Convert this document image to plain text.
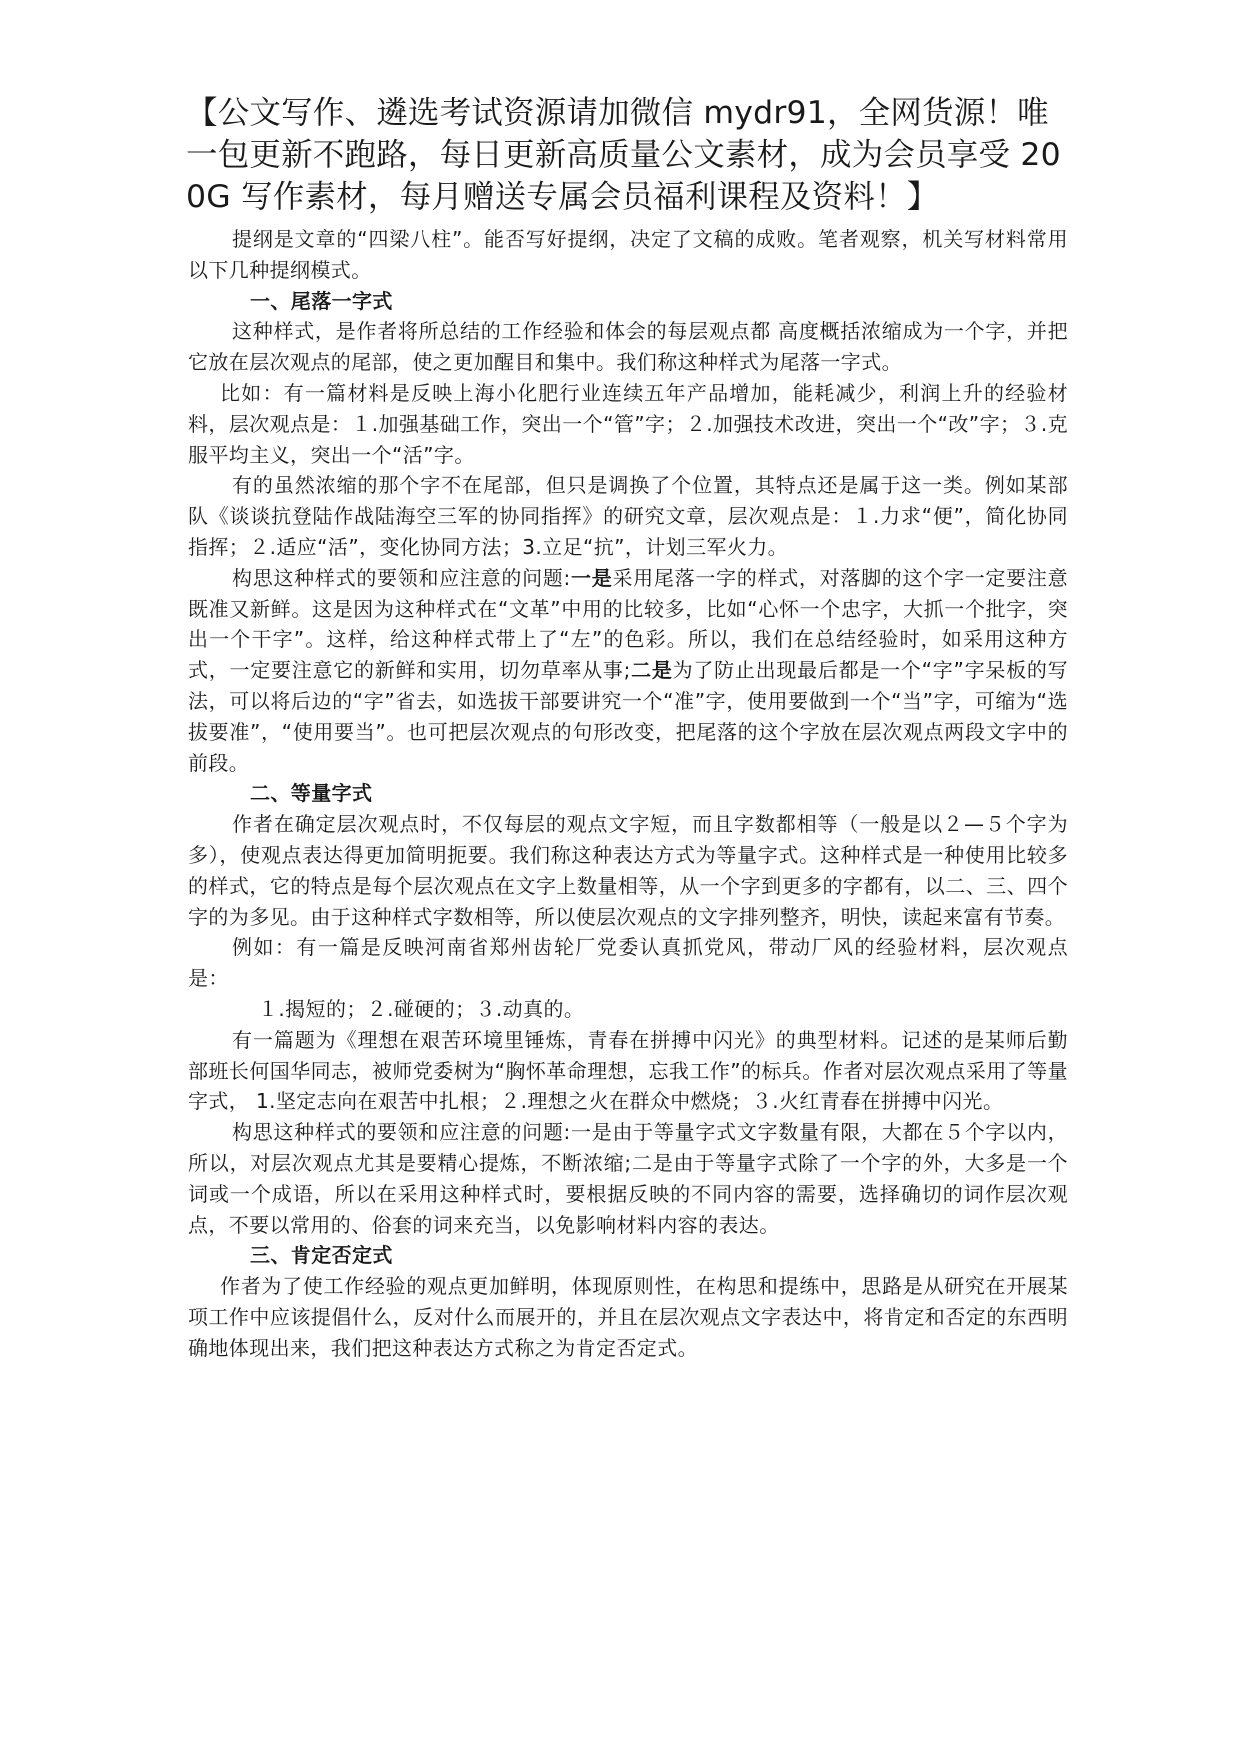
【公文写作、遴选考试资源请加微信 mydr91，全网货源！唯一包更新不跑路，每日更新高质量公文素材，成为会员享受 200G 写作素材，每月赠送专属会员福利课程及资料！】

提纲是文章的“四梁八柱”。能否写好提纲，决定了文稿的成败。笔者观察，机关写材料常用以下几种提纲模式。

一、尾落一字式

这种样式，是作者将所总结的工作经验和体会的每层观点都 高度概括浓缩成为一个字，并把它放在层次观点的尾部，使之更加醒目和集中。我们称这种样式为尾落一字式。

比如：有一篇材料是反映上海小化肥行业连续五年产品增加，能耗减少，利润上升的经验材料，层次观点是：１.加强基础工作，突出一个“管”字；２.加强技术改进，突出一个“改”字；３.克服平均主义，突出一个“活”字。

有的虽然浓缩的那个字不在尾部，但只是调换了个位置，其特点还是属于这一类。例如某部队《谈谈抗登陆作战陆海空三军的协同指挥》的研究文章，层次观点是：１.力求“便”，简化协同指挥；２.适应“活”，变化协同方法；3.立足“抗”，计划三军火力。

构思这种样式的要领和应注意的问题:一是采用尾落一字的样式，对落脚的这个字一定要注意既准又新鲜。这是因为这种样式在“文革”中用的比较多，比如“心怀一个忠字，大抓一个批字，突出一个干字”。这样，给这种样式带上了“左”的色彩。所以，我们在总结经验时，如采用这种方式，一定要注意它的新鲜和实用，切勿草率从事;二是为了防止出现最后都是一个“字”字呆板的写法，可以将后边的“字”省去，如选拔干部要讲究一个“准”字，使用要做到一个“当”字，可缩为“选拔要准”，“使用要当”。也可把层次观点的句形改变，把尾落的这个字放在层次观点两段文字中的前段。

二、等量字式

作者在确定层次观点时，不仅每层的观点文字短，而且字数都相等（一般是以２—５个字为多），使观点表达得更加简明扼要。我们称这种表达方式为等量字式。这种样式是一种使用比较多的样式，它的特点是每个层次观点在文字上数量相等，从一个字到更多的字都有，以二、三、四个字的为多见。由于这种样式字数相等，所以使层次观点的文字排列整齐，明快，读起来富有节奏。

例如：有一篇是反映河南省郑州齿轮厂党委认真抓党风，带动厂风的经验材料，层次观点是：

１.揭短的；２.碰硬的；３.动真的。

有一篇题为《理想在艰苦环境里锤炼，青春在拼搏中闪光》的典型材料。记述的是某师后勤部班长何国华同志，被师党委树为“胸怀革命理想，忘我工作”的标兵。作者对层次观点采用了等量字式， 1.坚定志向在艰苦中扎根；２.理想之火在群众中燃烧；３.火红青春在拼搏中闪光。

构思这种样式的要领和应注意的问题:一是由于等量字式文字数量有限，大都在５个字以内，所以，对层次观点尤其是要精心提炼，不断浓缩;二是由于等量字式除了一个字的外，大多是一个词或一个成语，所以在采用这种样式时，要根据反映的不同内容的需要，选择确切的词作层次观点，不要以常用的、俗套的词来充当，以免影响材料内容的表达。

三、肯定否定式

作者为了使工作经验的观点更加鲜明，体现原则性，在构思和提练中，思路是从研究在开展某项工作中应该提倡什么，反对什么而展开的，并且在层次观点文字表达中，将肯定和否定的东西明确地体现出来，我们把这种表达方式称之为肯定否定式。
